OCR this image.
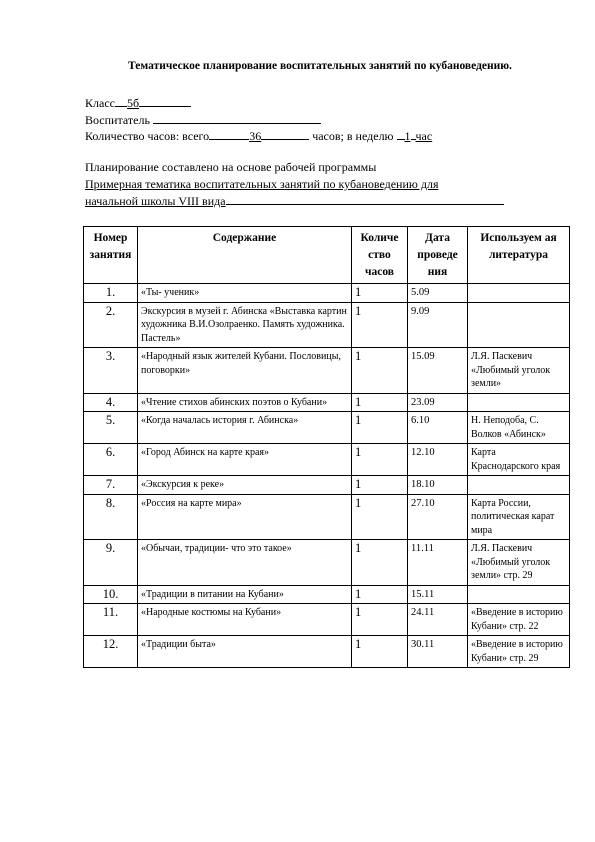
Тематическое планирование воспитательных занятий по кубановедению.
Класс 5б
Воспитатель
Количество часов: всего	36	часов; в неделю 1 час
Планирование составлено на основе рабочей программы
Примерная тематика воспитательных занятий по кубановедению для
начальной школы VIII вида
Номер занятия	Содержание	Количе ство часов	Дата проведе ния	Используем ая литература
1.	«Ты- ученик»	1	5.09	
2.	Экскурсия в музей г. Абинска «Выставка картин художника В.И.Озолраенко. Память художника. Пастель»	1	9.09	
3.	«Народный язык жителей Кубани. Пословицы, поговорки»	1	15.09	Л.Я. Паскевич «Любимый уголок земли»
4.	«Чтение стихов абинских поэтов о Кубани»	1	23.09	
5.	«Когда началась история г. Абинска»	1	6.10	Н. Неподоба, С. Волков «Абинск»
6.	«Город Абинск на карте края»	1	12.10	Карта Краснодарского края
7.	«Экскурсия к реке»	1	18.10	
8.	«Россия на карте мира»	1	27.10	Карта России, политическая карат мира
9.	«Обычаи, традиции- что это такое»	1	11.11	Л.Я. Паскевич «Любимый уголок земли» стр. 29
10.	«Традиции в питании на Кубани»	1	15.11	
11.	«Народные костюмы на Кубани»	1	24.11	«Введение в историю Кубани» стр. 22
12.	«Традиции быта»	1	30.11	«Введение в историю Кубани» стр. 29
